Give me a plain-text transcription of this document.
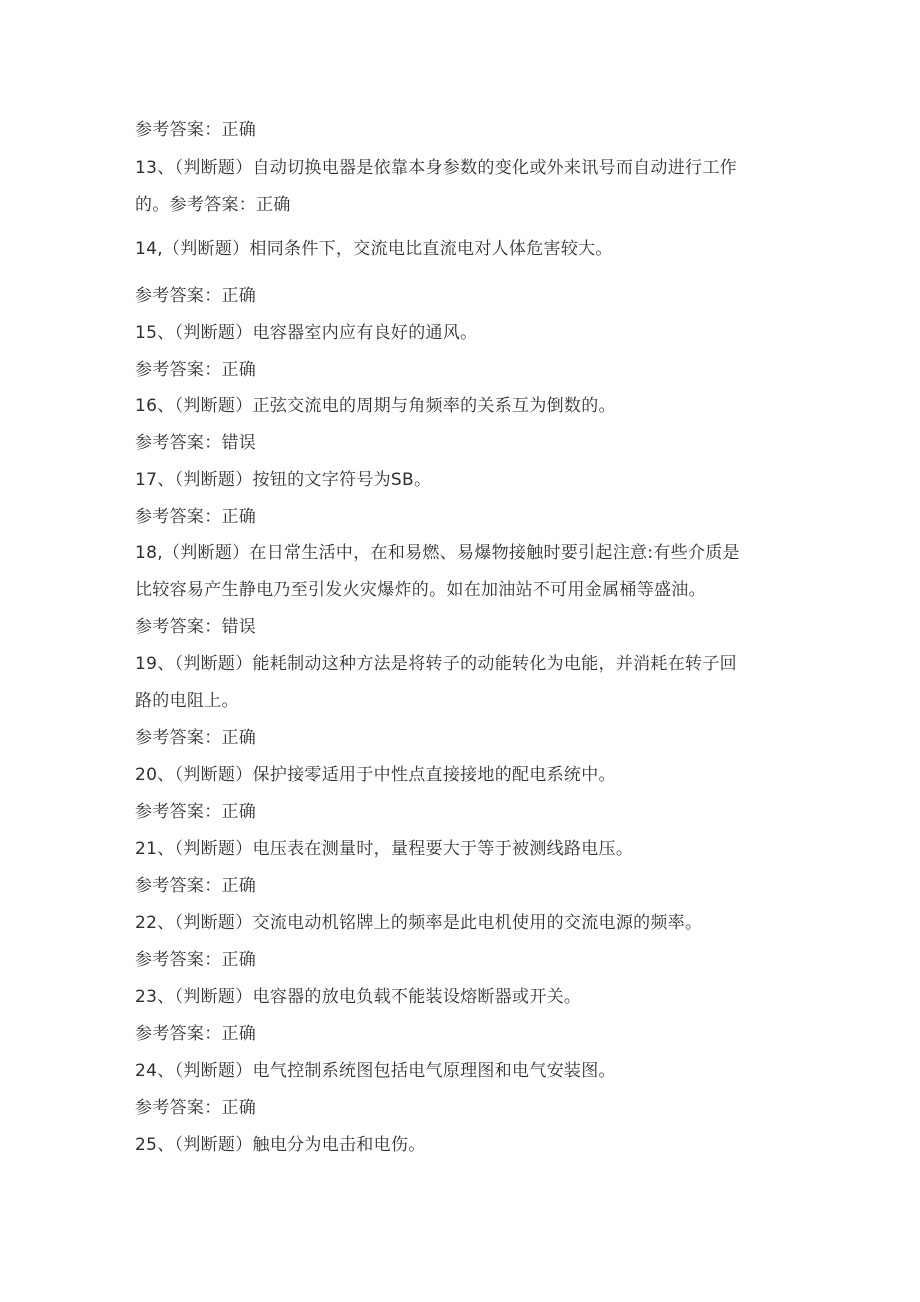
参考答案：正确
13、（判断题）自动切换电器是依靠本身参数的变化或外来讯号而自动进行工作
的。参考答案：正确
14,（判断题）相同条件下，交流电比直流电对人体危害较大。
参考答案：正确
15、（判断题）电容器室内应有良好的通风。
参考答案：正确
16、（判断题）正弦交流电的周期与角频率的关系互为倒数的。
参考答案：错误
17、（判断题）按钮的文字符号为SB。
参考答案：正确
18,（判断题）在日常生活中，在和易燃、易爆物接触时要引起注意:有些介质是
比较容易产生静电乃至引发火灾爆炸的。如在加油站不可用金属桶等盛油。
参考答案：错误
19、（判断题）能耗制动这种方法是将转子的动能转化为电能，并消耗在转子回
路的电阻上。
参考答案：正确
20、（判断题）保护接零适用于中性点直接接地的配电系统中。
参考答案：正确
21、（判断题）电压表在测量时，量程要大于等于被测线路电压。
参考答案：正确
22、（判断题）交流电动机铭牌上的频率是此电机使用的交流电源的频率。
参考答案：正确
23、（判断题）电容器的放电负载不能装设熔断器或开关。
参考答案：正确
24、（判断题）电气控制系统图包括电气原理图和电气安装图。
参考答案：正确
25、（判断题）触电分为电击和电伤。
